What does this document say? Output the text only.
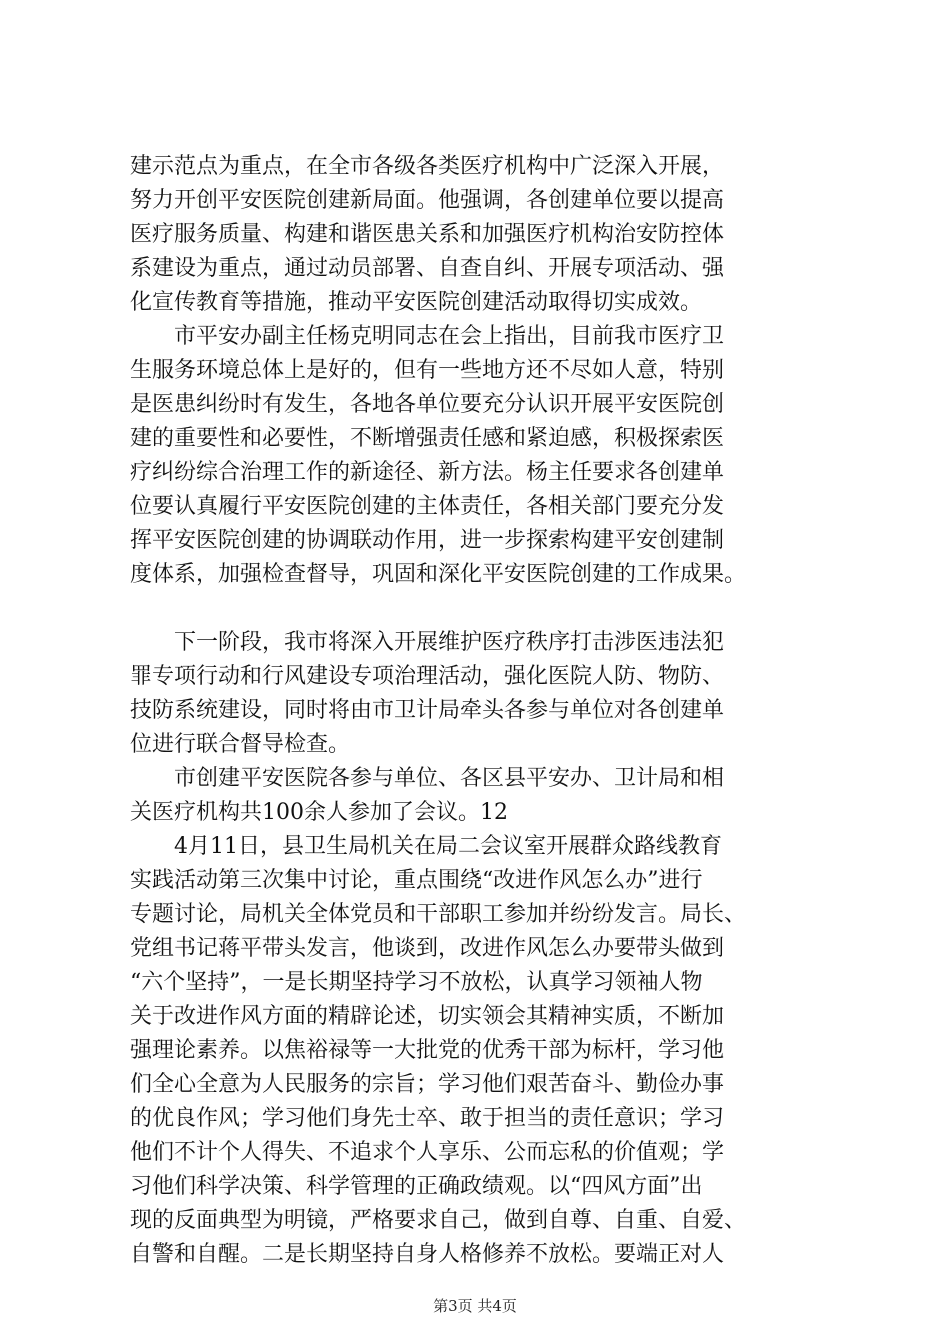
建示范点为重点，在全市各级各类医疗机构中广泛深入开展，
努力开创平安医院创建新局面。他强调，各创建单位要以提高
医疗服务质量、构建和谐医患关系和加强医疗机构治安防控体
系建设为重点，通过动员部署、自查自纠、开展专项活动、强
化宣传教育等措施，推动平安医院创建活动取得切实成效。
　　市平安办副主任杨克明同志在会上指出，目前我市医疗卫
生服务环境总体上是好的，但有一些地方还不尽如人意，特别
是医患纠纷时有发生，各地各单位要充分认识开展平安医院创
建的重要性和必要性，不断增强责任感和紧迫感，积极探索医
疗纠纷综合治理工作的新途径、新方法。杨主任要求各创建单
位要认真履行平安医院创建的主体责任，各相关部门要充分发
挥平安医院创建的协调联动作用，进一步探索构建平安创建制
度体系，加强检查督导，巩固和深化平安医院创建的工作成果。
　　下一阶段，我市将深入开展维护医疗秩序打击涉医违法犯
罪专项行动和行风建设专项治理活动，强化医院人防、物防、
技防系统建设，同时将由市卫计局牵头各参与单位对各创建单
位进行联合督导检查。
　　市创建平安医院各参与单位、各区县平安办、卫计局和相
关医疗机构共100余人参加了会议。12
　　4月11日，县卫生局机关在局二会议室开展群众路线教育
实践活动第三次集中讨论，重点围绕“改进作风怎么办”进行
专题讨论，局机关全体党员和干部职工参加并纷纷发言。局长、
党组书记蒋平带头发言，他谈到，改进作风怎么办要带头做到
“六个坚持”，一是长期坚持学习不放松，认真学习领袖人物
关于改进作风方面的精辟论述，切实领会其精神实质，不断加
强理论素养。以焦裕禄等一大批党的优秀干部为标杆，学习他
们全心全意为人民服务的宗旨；学习他们艰苦奋斗、勤俭办事
的优良作风；学习他们身先士卒、敢于担当的责任意识；学习
他们不计个人得失、不追求个人享乐、公而忘私的价值观；学
习他们科学决策、科学管理的正确政绩观。以“四风方面”出
现的反面典型为明镜，严格要求自己，做到自尊、自重、自爱、
自警和自醒。二是长期坚持自身人格修养不放松。要端正对人
第3页 共4页
